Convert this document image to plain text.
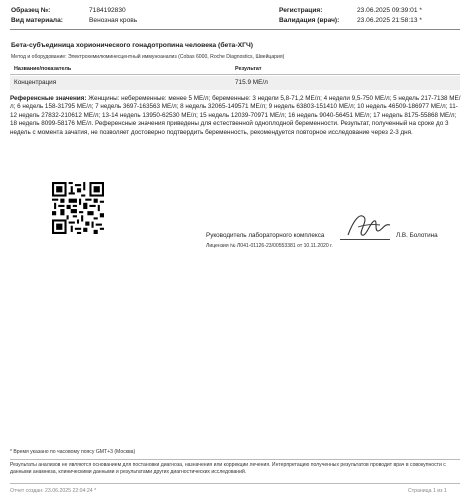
Образец №:	7184192830
Вид материала:	Венозная кровь
Регистрация:	23.06.2025 09:39:01 *
Валидация (врач):	23.06.2025 21:58:13 *
Бета-субъединица хорионического гонадотропина человека (бета-ХГЧ)
Метод и оборудование: Электрохемилюминесцентный иммуноанализ (Cobas 6000, Roche Diagnostics, Швейцария)
Название/показатель	Результат
Концентрация	715.9 МЕ/л
Референсные значения: Женщины: небеременные: менее 5 МЕ/л; беременные: 3 недели 5,8-71,2 МЕ/л; 4 недели 9,5-750 МЕ/л; 5 недель 217-7138 МЕ/л; 6 недель 158-31795 МЕ/л; 7 недель 3697-163563 МЕ/л; 8 недель 32065-149571 МЕ/л; 9 недель 63803-151410 МЕ/л; 10 недель 46509-186977 МЕ/л; 11-12 недель 27832-210612 МЕ/л; 13-14 недель 13950-62530 МЕ/л; 15 недель 12039-70971 МЕ/л; 16 недель 9040-56451 МЕ/л; 17 недель 8175-55868 МЕ/л; 18 недель 8099-58176 МЕ/л. Референсные значения приведены для естественной одноплодной беременности. Результат, полученный на сроке до 3 недель с момента зачатия, не позволяет достоверно подтвердить беременность, рекомендуется повторное исследование через 2-3 дня.
Руководитель лабораторного комплекса	Л.В. Болотина
Лицензия № Л041-01126-23/00553381 от 10.11.2020 г.
* Время указано по часовому поясу GMT+3 (Москва)
Результаты анализов не являются основанием для постановки диагноза, назначения или коррекции лечения. Интерпретацию полученных результатов проводит врач в совокупности с данными анамнеза, клиническими данными и результатами других диагностических исследований.
Отчет создан: 23.06.2025 22:04:24 *	Страница 1 из 1
